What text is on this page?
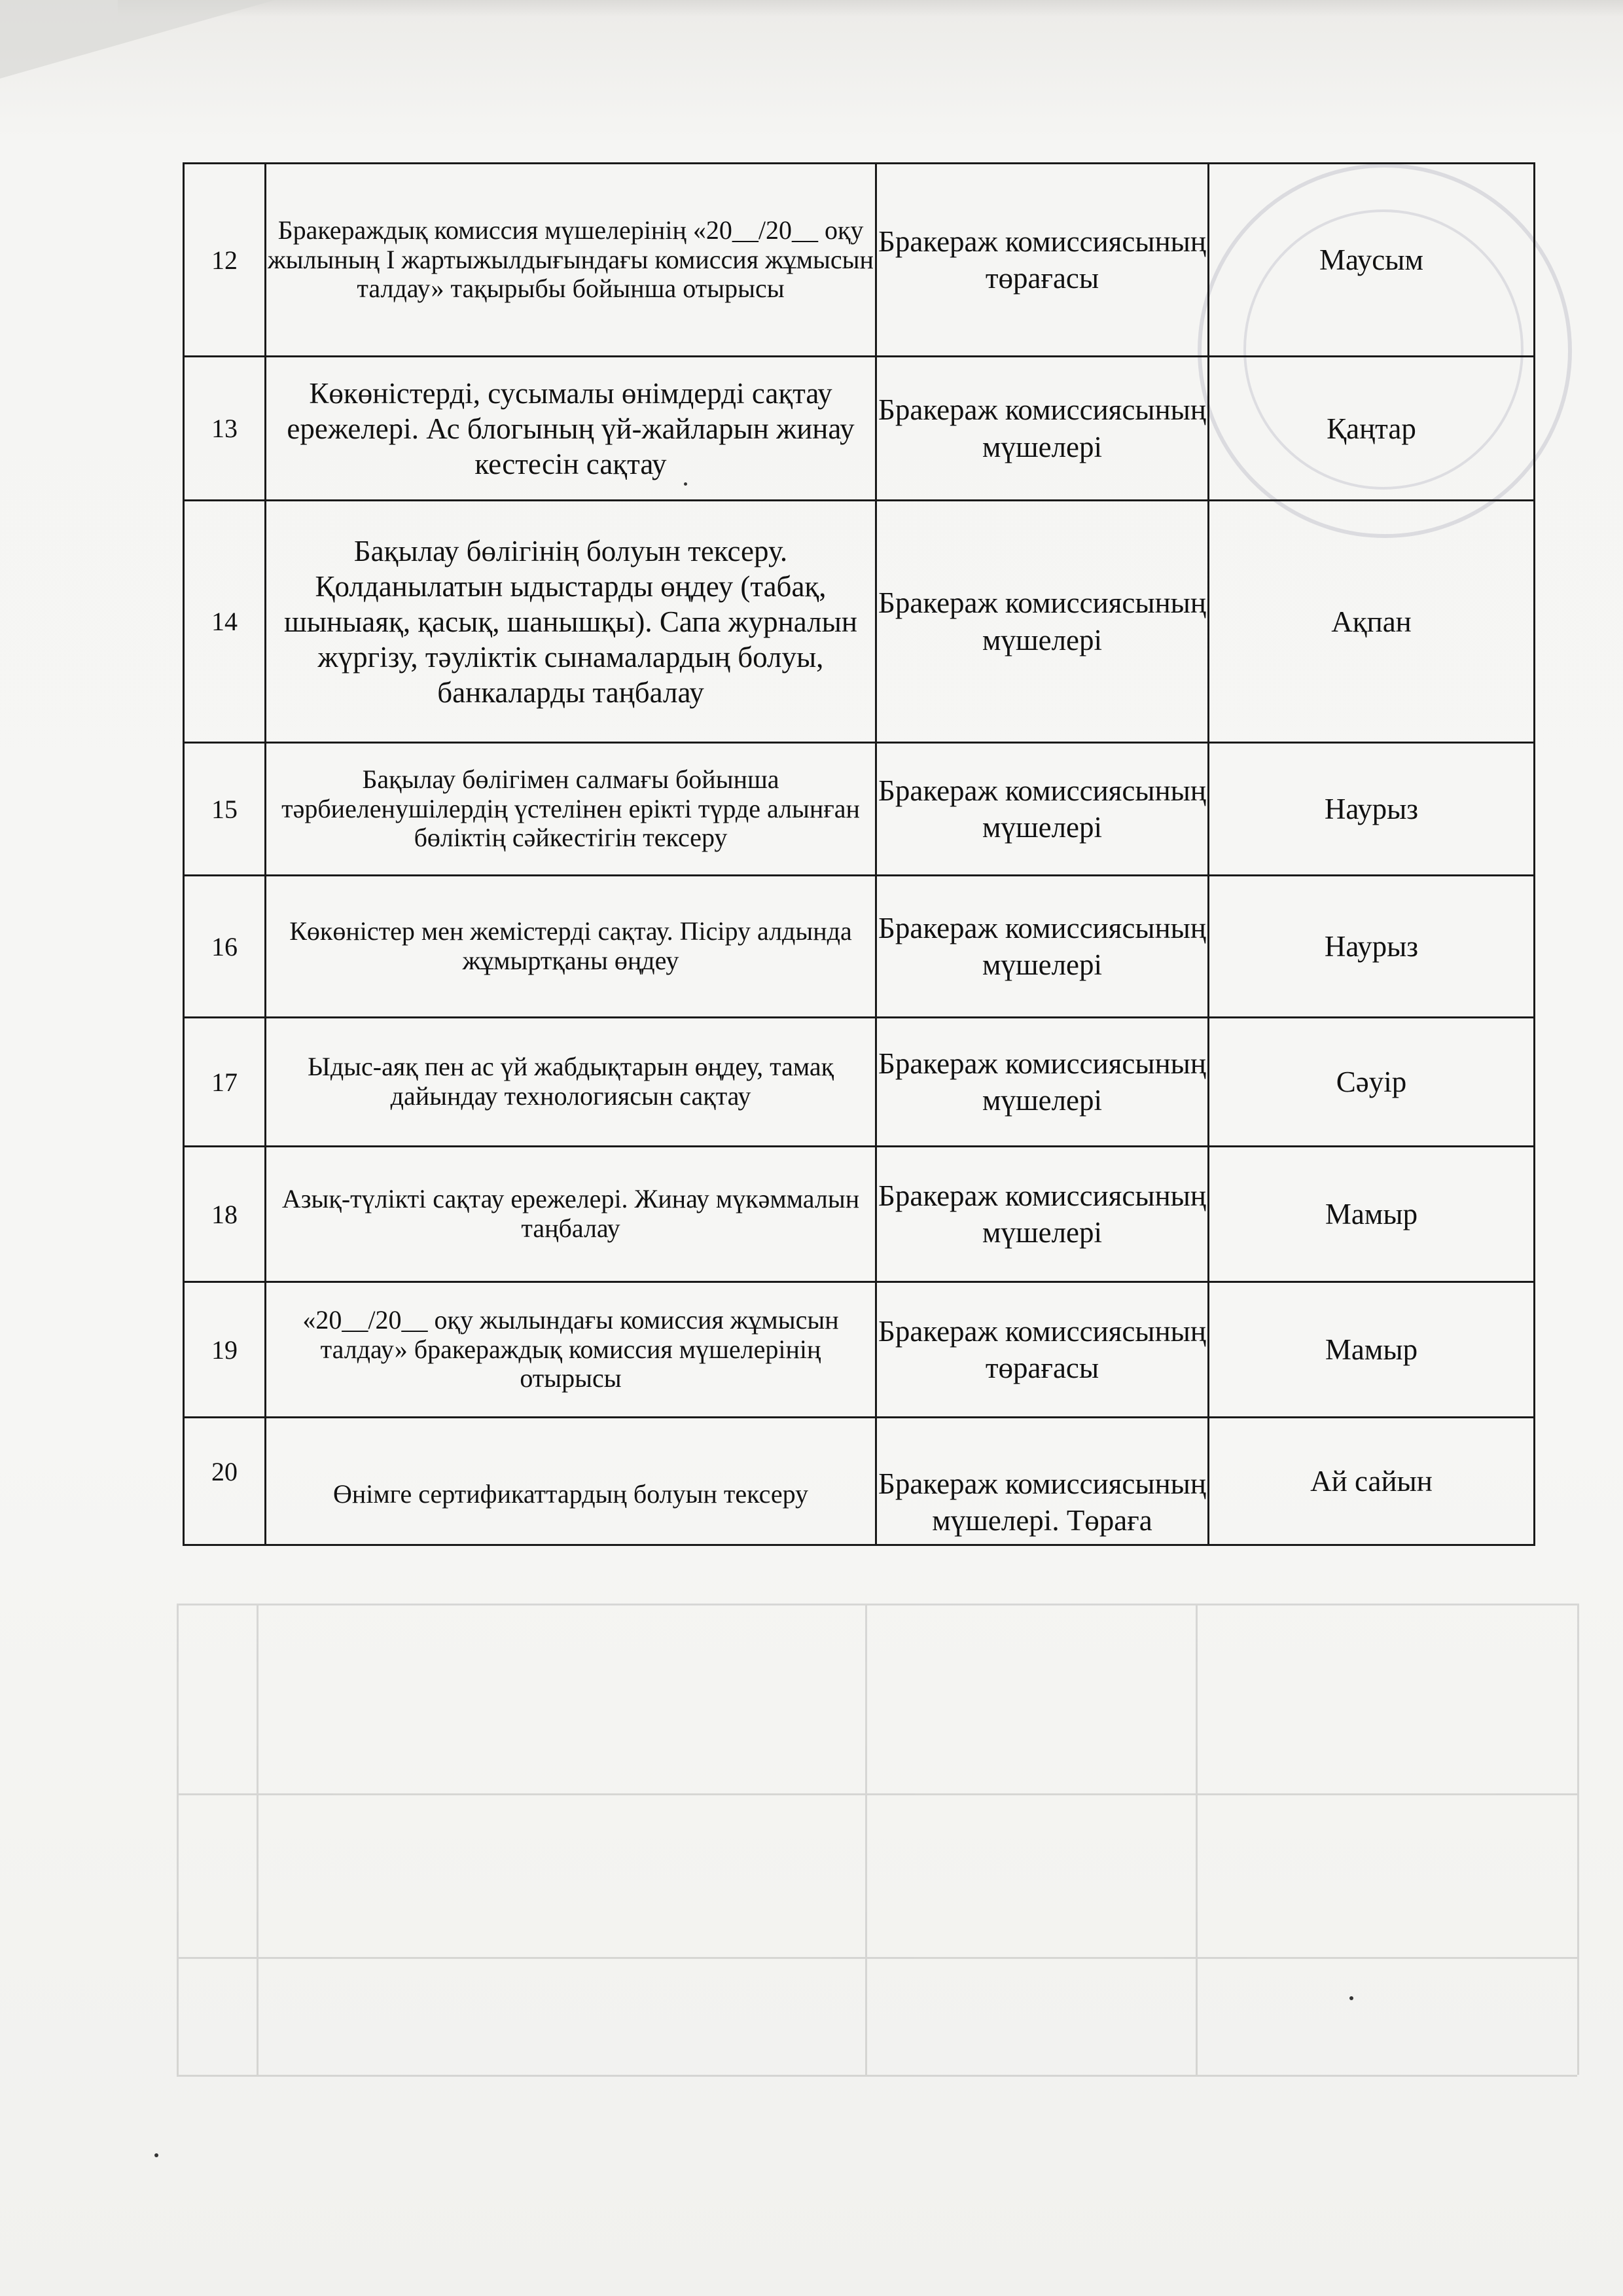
12	Бракераждық комиссия мүшелерінің «20__/20__ оқу жылының I жартыжылдығындағы комиссия жұмысын талдау» тақырыбы бойынша отырысы	Бракераж комиссиясының төрағасы	Маусым
13	Көкөністерді, сусымалы өнімдерді сақтау ережелері. Ас блогының үй-жайларын жинау кестесін сақтау	Бракераж комиссиясының мүшелері	Қаңтар
14	Бақылау бөлігінің болуын тексеру. Қолданылатын ыдыстарды өңдеу (табақ, шыныаяқ, қасық, шанышқы). Сапа журналын жүргізу, тәуліктік сынамалардың болуы, банкаларды таңбалау	Бракераж комиссиясының мүшелері	Ақпан
15	Бақылау бөлігімен салмағы бойынша тәрбиеленушілердің үстелінен ерікті түрде алынған бөліктің сәйкестігін тексеру	Бракераж комиссиясының мүшелері	Наурыз
16	Көкөністер мен жемістерді сақтау. Пісіру алдында жұмыртқаны өңдеу	Бракераж комиссиясының мүшелері	Наурыз
17	Ыдыс-аяқ пен ас үй жабдықтарын өңдеу, тамақ дайындау технологиясын сақтау	Бракераж комиссиясының мүшелері	Сәуір
18	Азық-түлікті сақтау ережелері. Жинау мүкәммалын таңбалау	Бракераж комиссиясының мүшелері	Мамыр
19	«20__/20__ оқу жылындағы комиссия жұмысын талдау» бракераждық комиссия мүшелерінің отырысы	Бракераж комиссиясының төрағасы	Мамыр
20	Өнімге сертификаттардың болуын тексеру	Бракераж комиссиясының мүшелері. Төраға	Ай сайын
